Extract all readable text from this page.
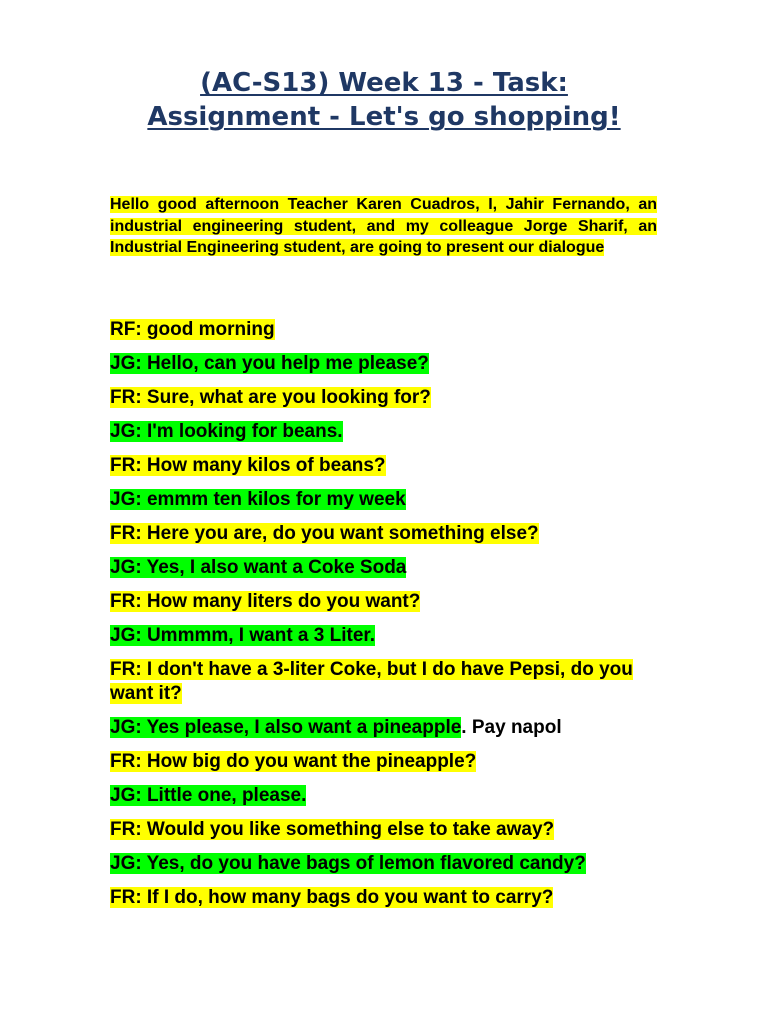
(AC-S13) Week 13 - Task:
Assignment - Let's go shopping!
Hello good afternoon Teacher Karen Cuadros, I, Jahir Fernando, an industrial engineering student, and my colleague Jorge Sharif, an Industrial Engineering student, are going to present our dialogue

RF: good morning

JG: Hello, can you help me please?

FR: Sure, what are you looking for?

JG: I'm looking for beans.

FR: How many kilos of beans?

JG: emmm ten kilos for my week

FR: Here you are, do you want something else?

JG: Yes, I also want a Coke Soda

FR: How many liters do you want?

JG: Ummmm, I want a 3 Liter.

FR: I don't have a 3-liter Coke, but I do have Pepsi, do you want it?

JG: Yes please, I also want a pineapple. Pay napol

FR: How big do you want the pineapple?

JG: Little one, please.

FR: Would you like something else to take away?

JG: Yes, do you have bags of lemon flavored candy?

FR: If I do, how many bags do you want to carry?
